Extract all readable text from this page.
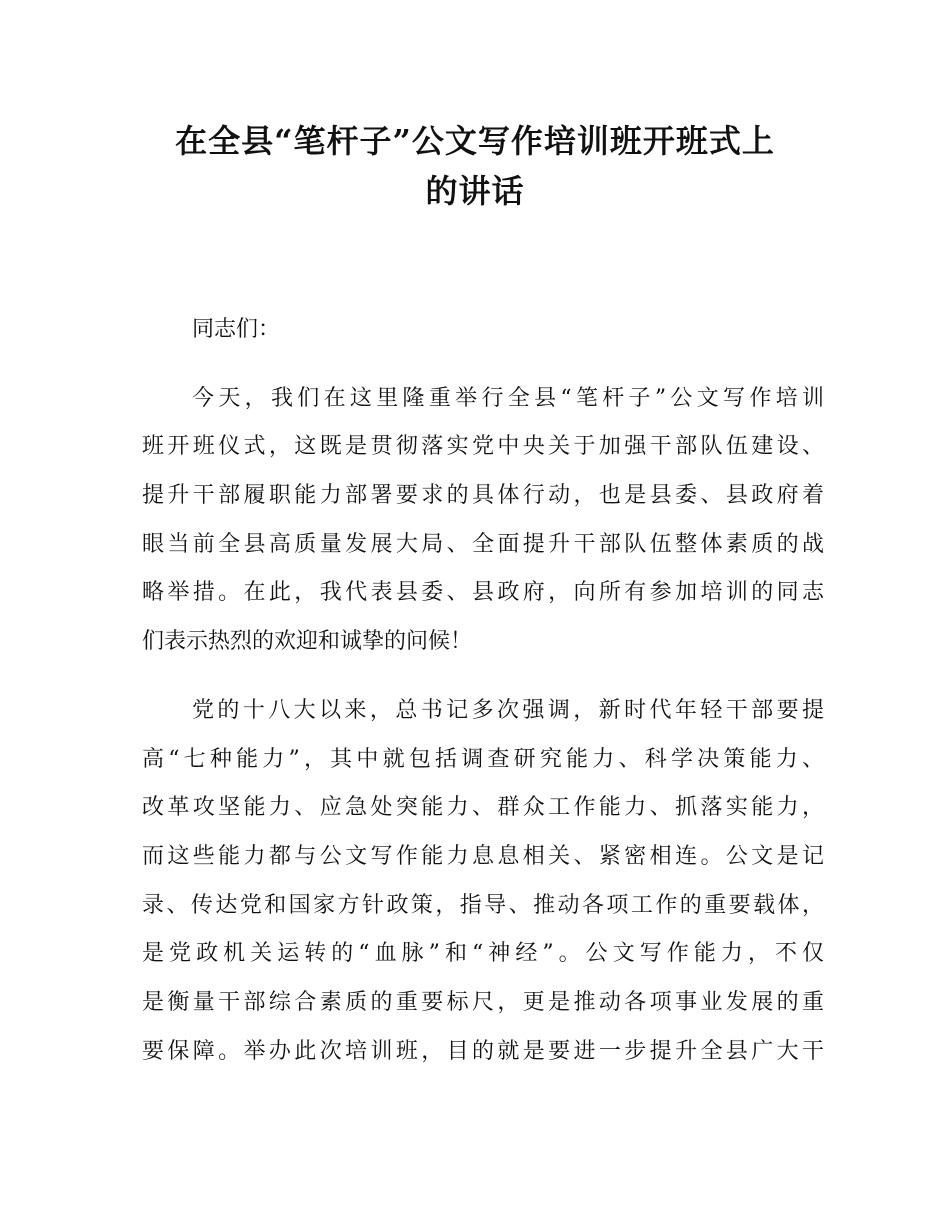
在全县“笔杆子”公文写作培训班开班式上
的讲话
同志们：
今天，我们在这里隆重举行全县“笔杆子”公文写作培训
班开班仪式，这既是贯彻落实党中央关于加强干部队伍建设、
提升干部履职能力部署要求的具体行动，也是县委、县政府着
眼当前全县高质量发展大局、全面提升干部队伍整体素质的战
略举措。在此，我代表县委、县政府，向所有参加培训的同志
们表示热烈的欢迎和诚挚的问候！
党的十八大以来，总书记多次强调，新时代年轻干部要提
高“七种能力”，其中就包括调查研究能力、科学决策能力、
改革攻坚能力、应急处突能力、群众工作能力、抓落实能力，
而这些能力都与公文写作能力息息相关、紧密相连。公文是记
录、传达党和国家方针政策，指导、推动各项工作的重要载体，
是党政机关运转的“血脉”和“神经”。公文写作能力，不仅
是衡量干部综合素质的重要标尺，更是推动各项事业发展的重
要保障。举办此次培训班，目的就是要进一步提升全县广大干
